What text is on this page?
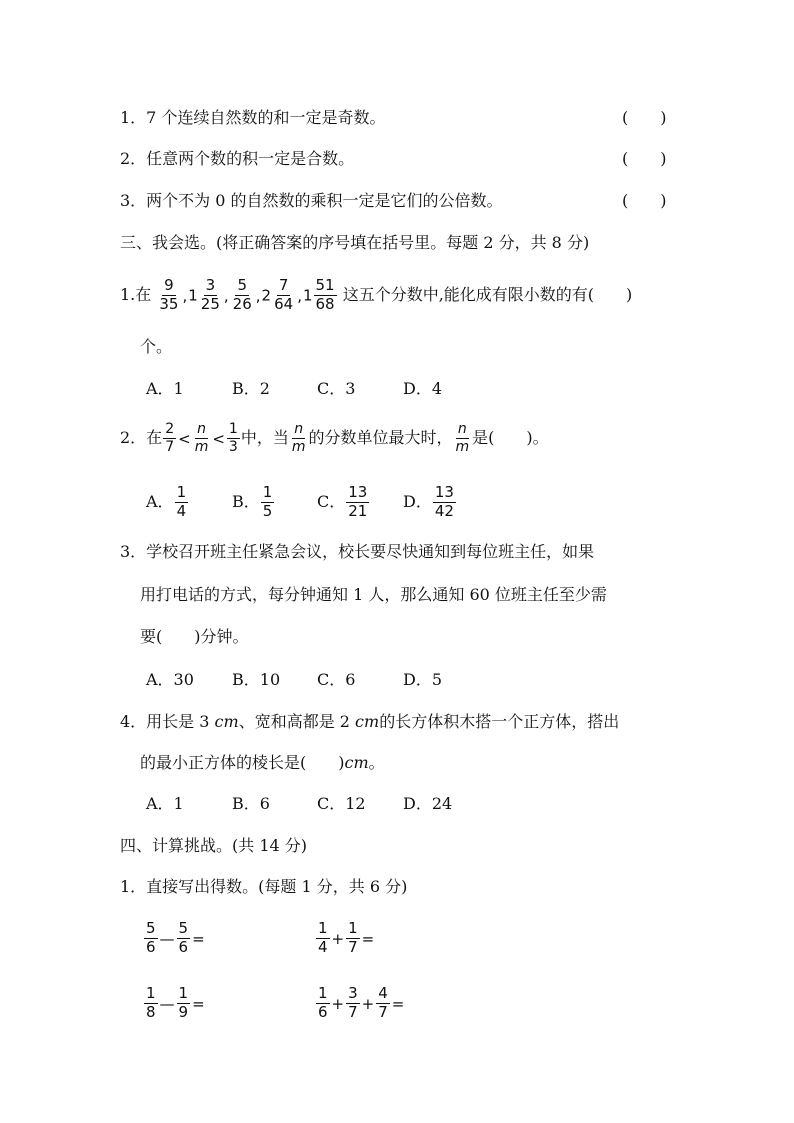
1．7 个连续自然数的和一定是奇数。	(　　)
2．任意两个数的积一定是合数。	(　　)
3．两个不为 0 的自然数的乘积一定是它们的公倍数。	(　　)
三、我会选。(将正确答案的序号填在括号里。每题 2 分，共 8 分)
1.在 $\frac{9}{35} ,1 \frac{3}{25}$ , $\frac{5}{26} ,2 \frac{7}{64} ,1 \frac{51}{68}$ 这五个分数中,能化成有限小数的有(　　)
个。
A．1	B．2	C．3	D．4
2．在 $\frac{2}{7} < \frac{n}{m} < \frac{1}{3}$ 中，当 $\frac{n}{m}$ 的分数单位最大时， $\frac{n}{m}$ 是(　　)。
A． $\frac{1}{4}$	B． $\frac{1}{5}$	C． $\frac{13}{21}$ D． $\frac{13}{42}$
3．学校召开班主任紧急会议，校长要尽快通知到每位班主任，如果
用打电话的方式，每分钟通知 1 人，那么通知 60 位班主任至少需
要(　　)分钟。
A．30 B．10 C．6	D．5
4．用长是 3 cm、宽和高都是 2 cm的长方体积木搭一个正方体，搭出
的最小正方体的棱长是(　　)cm。
A．1	B．6	C．12 D．24
四、计算挑战。(共 14 分)
1．直接写出得数。(每题 1 分，共 6 分)
$\frac{5}{6}$ — $\frac{5}{6}$ =	$\frac{1}{4} + \frac{1}{7}$ =
$\frac{1}{8}$ — $\frac{1}{9}$ =	$\frac{1}{6} + \frac{3}{7} + \frac{4}{7}$ =
